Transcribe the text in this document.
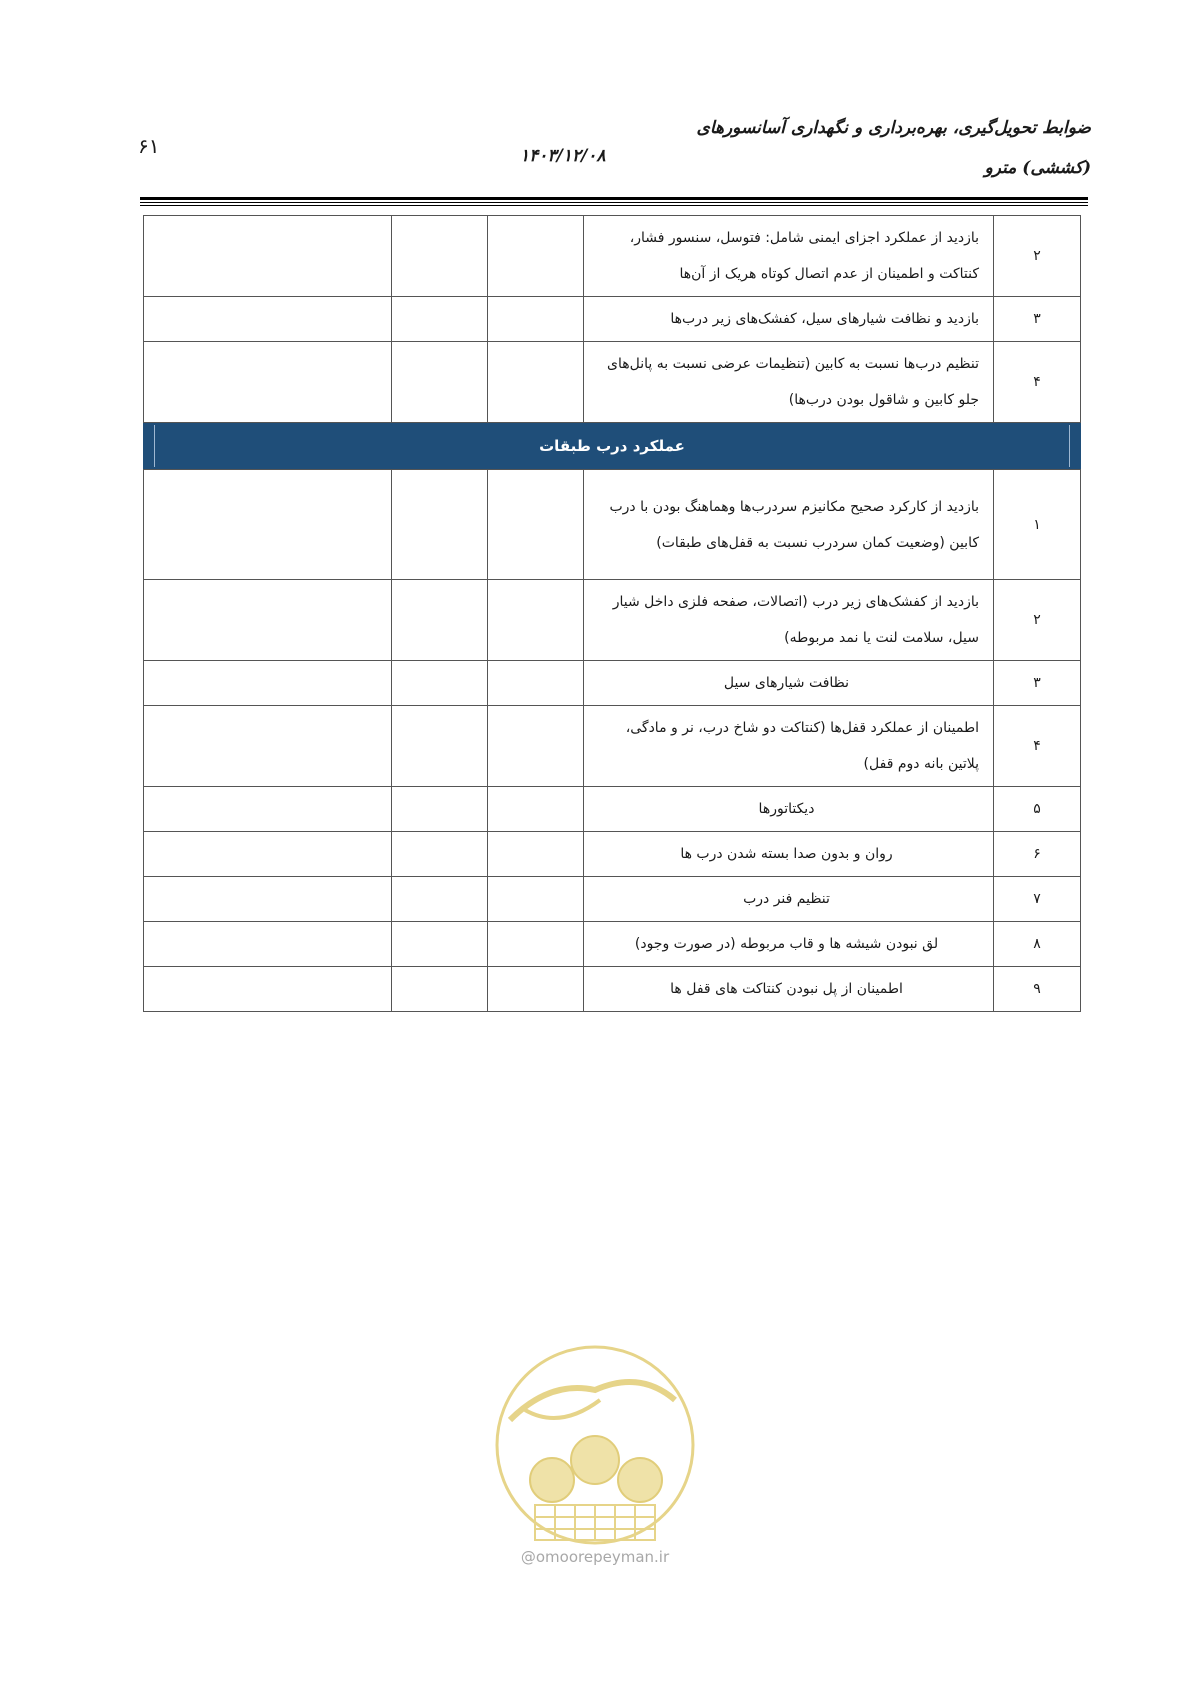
ضوابط تحویل‌گیری، بهره‌برداری و نگهداری آسانسورهای
(کششی) مترو
۱۴۰۳/۱۲/۰۸
۶۱
۲	بازدید از عملکرد اجزای ایمنی شامل: فتوسل، سنسور فشار، کنتاکت و اطمینان از عدم اتصال کوتاه هریک از آن‌ها			
۳	بازدید و نظافت شیارهای سیل، کفشک‌های زیر درب‌ها			
۴	تنظیم درب‌ها نسبت به کابین (تنظیمات عرضی نسبت به پانل‌های جلو کابین و شاقول بودن درب‌ها)			

عملکرد درب طبقات				

۱	بازدید از کارکرد صحیح مکانیزم سردرب‌ها وهماهنگ بودن با درب کابین (وضعیت کمان سردرب نسبت به قفل‌های طبقات)			
۲	بازدید از کفشک‌های زیر درب (اتصالات، صفحه فلزی داخل شیار سیل، سلامت لنت یا نمد مربوطه)			
۳	نظافت شیارهای سیل			
۴	اطمینان از عملکرد قفل‌ها (کنتاکت دو شاخ درب، نر و مادگی، پلاتین بانه دوم قفل)			
۵	دیکتاتورها			
۶	روان و بدون صدا بسته شدن درب ها			
۷	تنظیم فنر درب			
۸	لق نبودن شیشه ها و قاب مربوطه (در صورت وجود)			
۹	اطمینان از پل نبودن کنتاکت های قفل ها			
@omoorepeyman.ir
